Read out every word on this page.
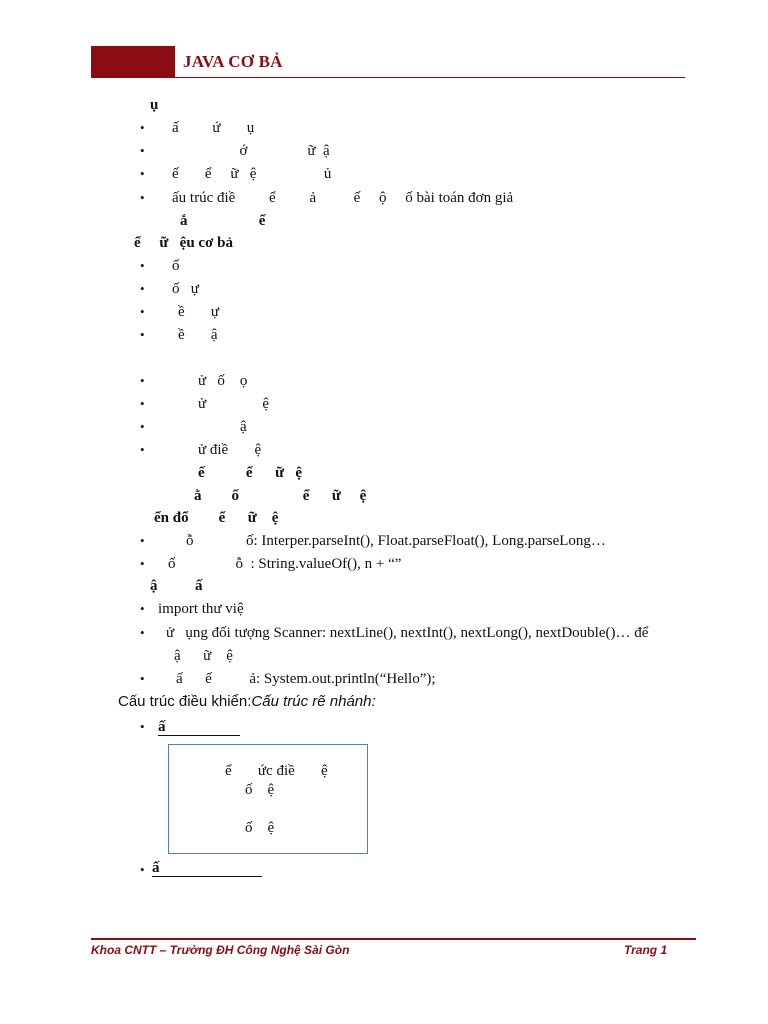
JAVA CƠ BẢ
ụ
• ấ         ứ       ụ
• ớ                ữ  ậ
• ế       ể     ữ   ệ                  ủ
• ấu trúc điề         ể         ả          ế     ộ     ố bài toán đơn giả
ắ                   ế
ể     ữ   ệu cơ bả
• ố
• ố   ự
• ề       ự
• ề       ậ
•	ử   ố    ọ
•	ử               ệ
•	ậ
•	ử điề       ệ
ế           ể      ữ   ệ
ằ        ố                 ể      ữ     ệ
ển đổ        ể      ữ    ệ
•	ỗ              ố: Interper.parseInt(), Float.parseFloat(), Long.parseLong…
• ố                ỗ  : String.valueOf(), n + “”
ậ          ấ
• import thư việ
• ử   ụng đối tượng Scanner: nextLine(), nextInt(), nextLong(), nextDouble()… để
ậ      ữ    ệ
• ấ      ế          ả: System.out.println(“Hello”);
Cấu trúc điều khiển:Cấu trúc rẽ nhánh:
• ấ
ể       ức điề       ệ
ố    ệ
ố    ệ
• ấ
Khoa CNTT – Trường ĐH Công Nghệ Sài Gòn	Trang 1
